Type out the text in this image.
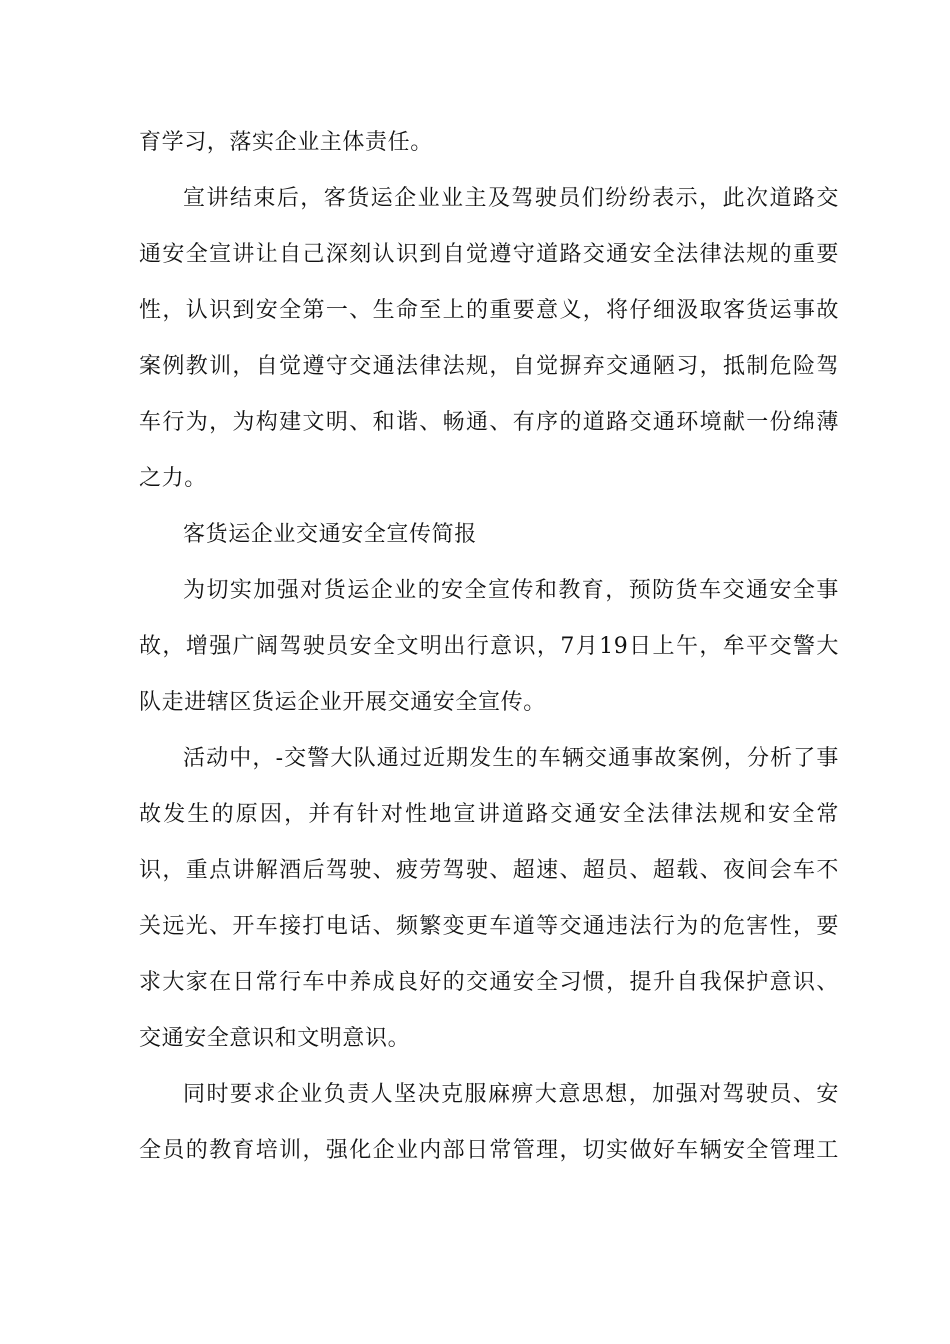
育学习，落实企业主体责任。

宣讲结束后，客货运企业业主及驾驶员们纷纷表示，此次道路交

通安全宣讲让自己深刻认识到自觉遵守道路交通安全法律法规的重要

性，认识到安全第一、生命至上的重要意义，将仔细汲取客货运事故

案例教训，自觉遵守交通法律法规，自觉摒弃交通陋习，抵制危险驾

车行为，为构建文明、和谐、畅通、有序的道路交通环境献一份绵薄

之力。

客货运企业交通安全宣传简报

为切实加强对货运企业的安全宣传和教育，预防货车交通安全事

故，增强广阔驾驶员安全文明出行意识，7月19日上午，牟平交警大

队走进辖区货运企业开展交通安全宣传。

活动中，-交警大队通过近期发生的车辆交通事故案例，分析了事

故发生的原因，并有针对性地宣讲道路交通安全法律法规和安全常

识，重点讲解酒后驾驶、疲劳驾驶、超速、超员、超载、夜间会车不

关远光、开车接打电话、频繁变更车道等交通违法行为的危害性，要

求大家在日常行车中养成良好的交通安全习惯，提升自我保护意识、

交通安全意识和文明意识。

同时要求企业负责人坚决克服麻痹大意思想，加强对驾驶员、安

全员的教育培训，强化企业内部日常管理，切实做好车辆安全管理工
